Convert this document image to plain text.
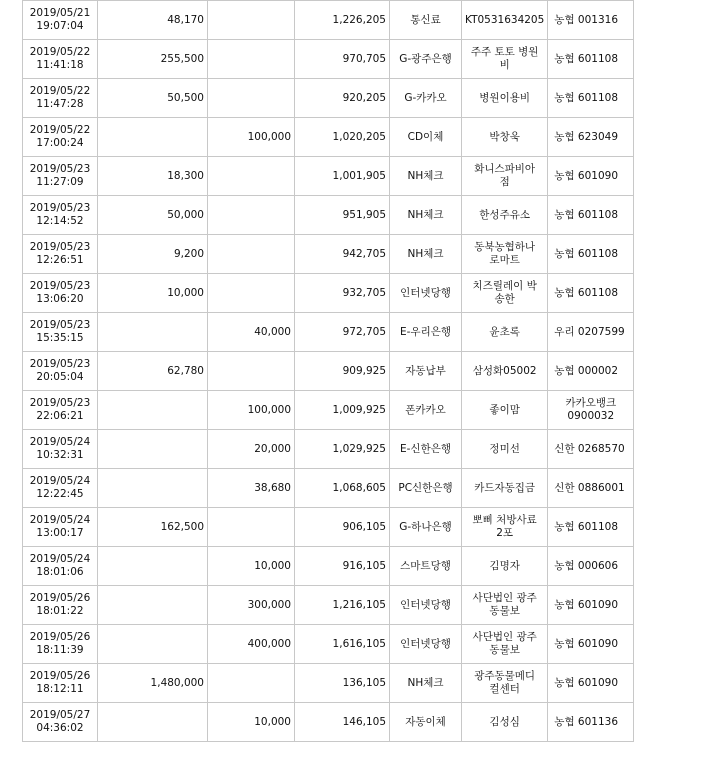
2019/05/21
19:07:04	48,170		1,226,205	통신료	KT0531634205	농협 001316

2019/05/22
11:41:18	255,500		970,705	G-광주은행	주주 토토 병원
비	농협 601108

2019/05/22
11:47:28	50,500		920,205	G-카카오	병원이용비	농협 601108

2019/05/22
17:00:24		100,000	1,020,205	CD이체	박창욱	농협 623049

2019/05/23
11:27:09	18,300		1,001,905	NH체크	화니스파비아
점	농협 601090

2019/05/23
12:14:52	50,000		951,905	NH체크	한성주유소	농협 601108

2019/05/23
12:26:51	9,200		942,705	NH체크	동북농협하나
로마트	농협 601108

2019/05/23
13:06:20	10,000		932,705	인터넷당행	치즈릴레이 박
송한	농협 601108

2019/05/23
15:35:15		40,000	972,705	E-우리은행	윤초록	우리 0207599

2019/05/23
20:05:04	62,780		909,925	자동납부	삼성화05002	농협 000002

2019/05/23
22:06:21		100,000	1,009,925	폰카카오	좋이맘	카카오뱅크
0900032

2019/05/24
10:32:31		20,000	1,029,925	E-신한은행	정미선	신한 0268570

2019/05/24
12:22:45		38,680	1,068,605	PC신한은행	카드자동집금	신한 0886001

2019/05/24
13:00:17	162,500		906,105	G-하나은행	뽀삐 처방사료
2포	농협 601108

2019/05/24
18:01:06		10,000	916,105	스마트당행	김명자	농협 000606

2019/05/26
18:01:22		300,000	1,216,105	인터넷당행	사단법인 광주
동물보	농협 601090

2019/05/26
18:11:39		400,000	1,616,105	인터넷당행	사단법인 광주
동물보	농협 601090

2019/05/26
18:12:11	1,480,000		136,105	NH체크	광주동물메디
컬센터	농협 601090

2019/05/27
04:36:02		10,000	146,105	자동이체	김성심	농협 601136
